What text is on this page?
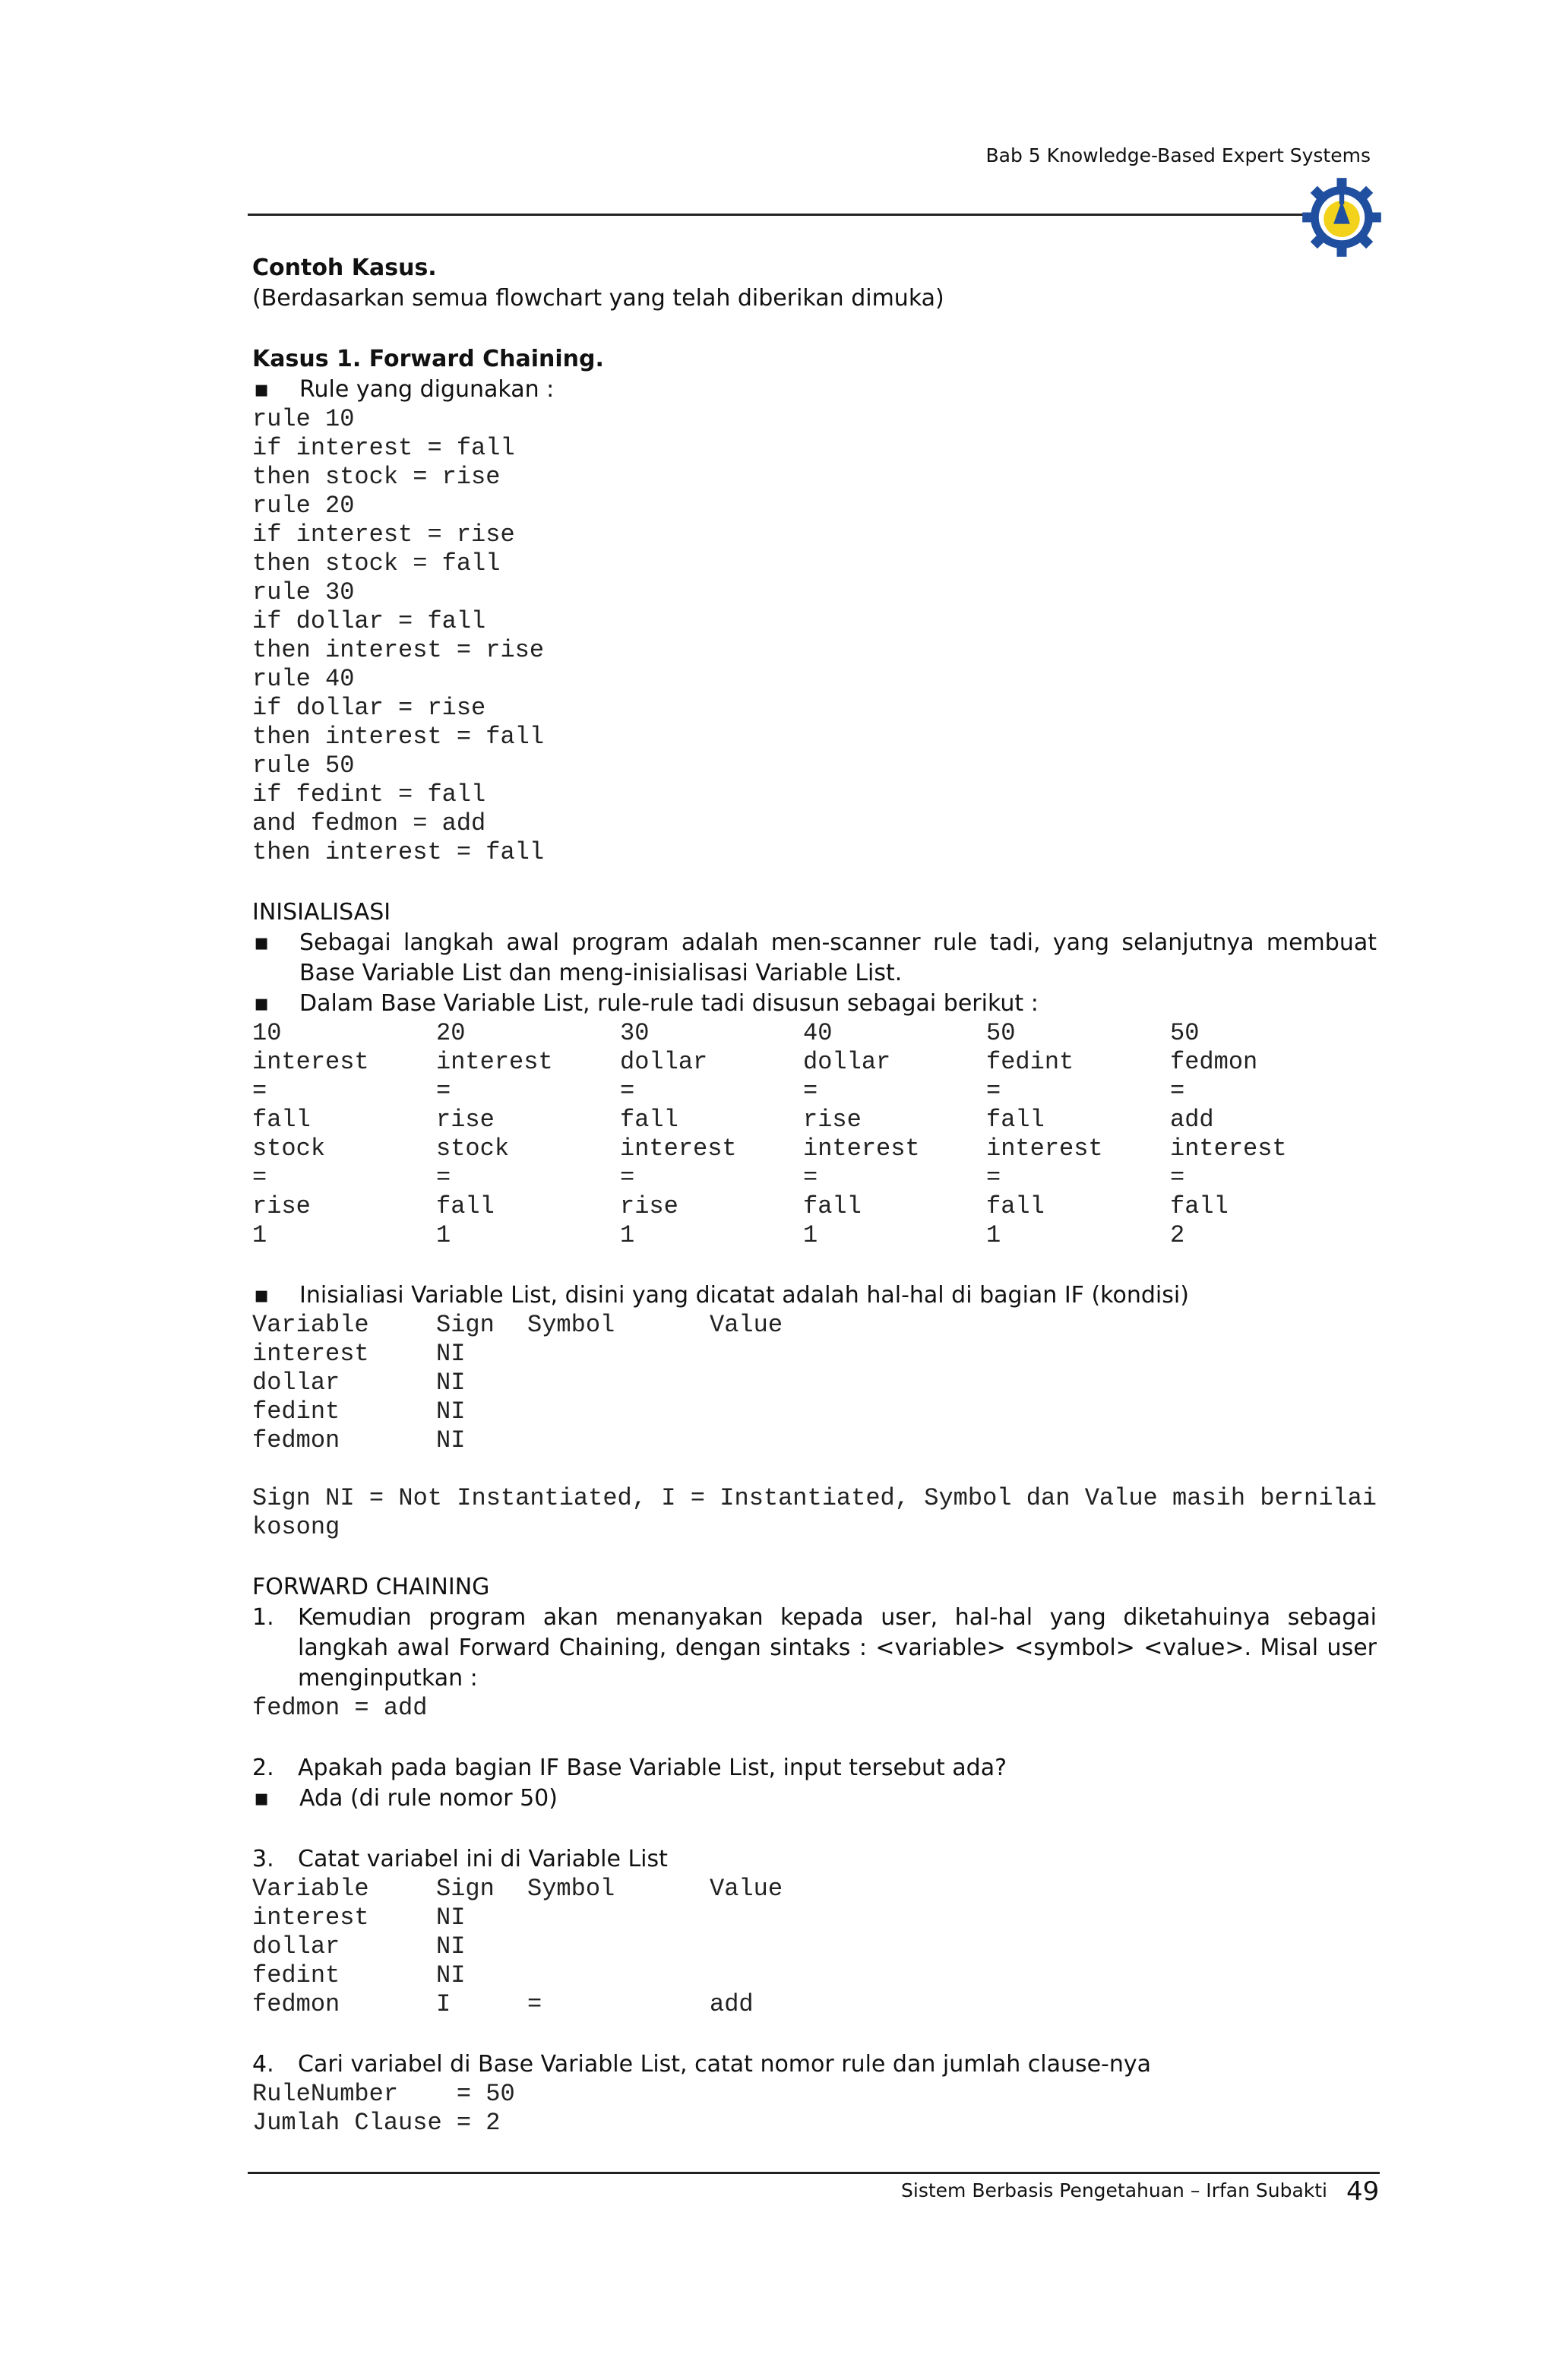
Bab 5 Knowledge-Based Expert Systems

Contoh Kasus.

(Berdasarkan semua flowchart yang telah diberikan dimuka)

Kasus 1. Forward Chaining.

▪	Rule yang digunakan :
rule 10
if interest = fall
then stock = rise
rule 20
if interest = rise
then stock = fall
rule 30
if dollar = fall
then interest = rise
rule 40
if dollar = rise
then interest = fall
rule 50
if fedint = fall
and fedmon = add
then interest = fall

INISIALISASI

▪	Sebagai langkah awal program adalah men-scanner rule tadi, yang selanjutnya membuat Base Variable List dan meng-inisialisasi Variable List.
▪	Dalam Base Variable List, rule-rule tadi disusun sebagai berikut :
10	20	30	40	50	50
interest	interest	dollar	dollar	fedint	fedmon
=	=	=	=	=	=
fall	rise	fall	rise	fall	add
stock	stock	interest	interest	interest	interest
=	=	=	=	=	=
rise	fall	rise	fall	fall	fall
1	1	1	1	1	2
▪	Inisialiasi Variable List, disini yang dicatat adalah hal-hal di bagian IF (kondisi)
Variable	Sign	Symbol	Value
interest	NI
dollar	NI
fedint	NI
fedmon	NI
Sign NI = Not Instantiated, I = Instantiated, Symbol dan Value masih bernilai kosong

FORWARD CHAINING

1.	Kemudian program akan menanyakan kepada user, hal-hal yang diketahuinya sebagai langkah awal Forward Chaining, dengan sintaks : <variable> <symbol> <value>. Misal user menginputkan :
fedmon = add
2.	Apakah pada bagian IF Base Variable List, input tersebut ada?
▪	Ada (di rule nomor 50)
3.	Catat variabel ini di Variable List
Variable	Sign	Symbol	Value
interest	NI
dollar	NI
fedint	NI
fedmon	I	=	add
4.	Cari variabel di Base Variable List, catat nomor rule dan jumlah clause-nya
RuleNumber    = 50
Jumlah Clause = 2
Sistem Berbasis Pengetahuan – Irfan Subakti 49
